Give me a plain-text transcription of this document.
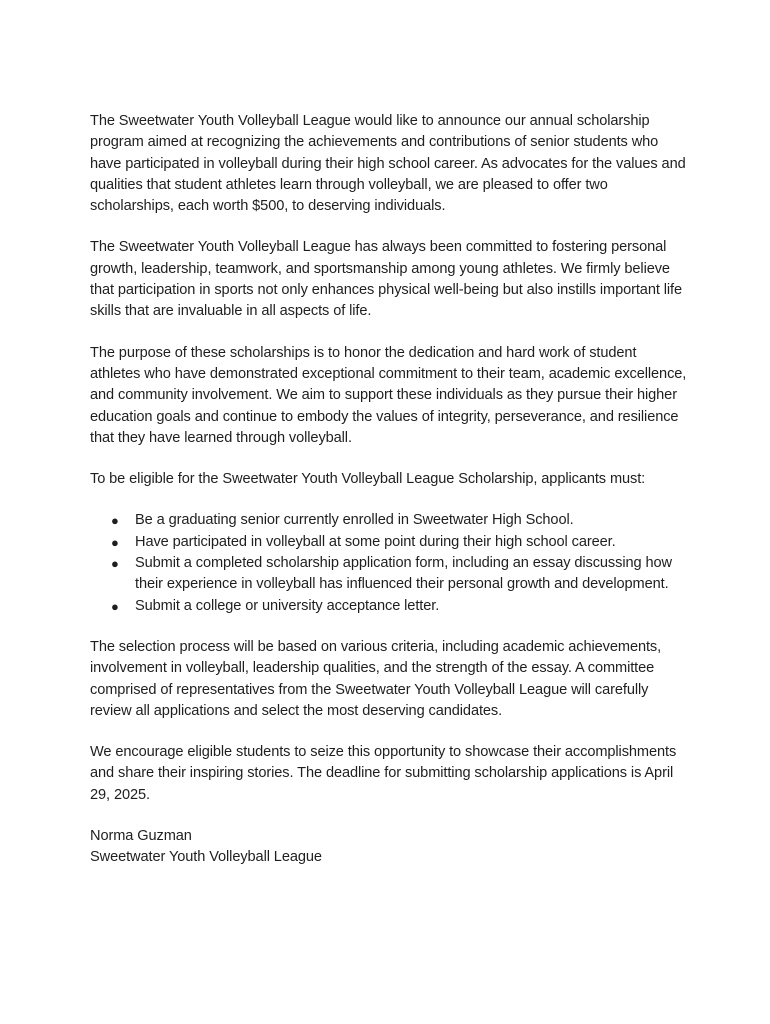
The Sweetwater Youth Volleyball League would like to announce our annual scholarship program aimed at recognizing the achievements and contributions of senior students who have participated in volleyball during their high school career. As advocates for the values and qualities that student athletes learn through volleyball, we are pleased to offer two scholarships, each worth $500, to deserving individuals.

The Sweetwater Youth Volleyball League has always been committed to fostering personal growth, leadership, teamwork, and sportsmanship among young athletes. We firmly believe that participation in sports not only enhances physical well-being but also instills important life skills that are invaluable in all aspects of life.

The purpose of these scholarships is to honor the dedication and hard work of student athletes who have demonstrated exceptional commitment to their team, academic excellence, and community involvement. We aim to support these individuals as they pursue their higher education goals and continue to embody the values of integrity, perseverance, and resilience that they have learned through volleyball.

To be eligible for the Sweetwater Youth Volleyball League Scholarship, applicants must:

● Be a graduating senior currently enrolled in Sweetwater High School.
● Have participated in volleyball at some point during their high school career.
● Submit a completed scholarship application form, including an essay discussing how their experience in volleyball has influenced their personal growth and development.
● Submit a college or university acceptance letter.

The selection process will be based on various criteria, including academic achievements, involvement in volleyball, leadership qualities, and the strength of the essay. A committee comprised of representatives from the Sweetwater Youth Volleyball League will carefully review all applications and select the most deserving candidates.

We encourage eligible students to seize this opportunity to showcase their accomplishments and share their inspiring stories. The deadline for submitting scholarship applications is April 29, 2025.

Norma Guzman
Sweetwater Youth Volleyball League
